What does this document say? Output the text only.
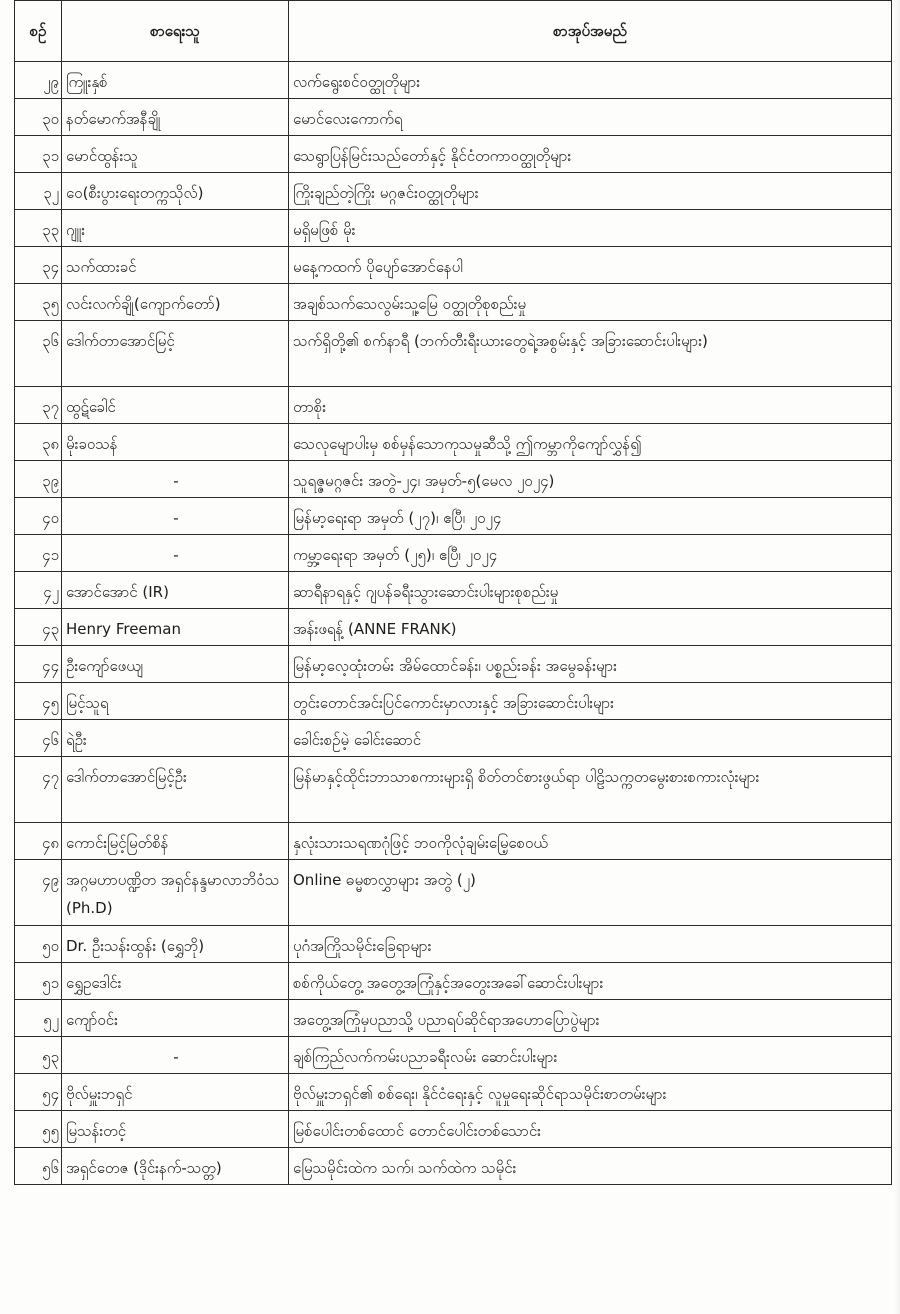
စဉ်	စာရေးသူ	စာအုပ်အမည်
၂၉	ကြူးနှစ်	လက်ရွေးစင်ဝတ္ထုတိုများ
၃၀	နတ်မောက်အနီချို	မောင်လေးကောက်ရ
၃၁	မောင်ထွန်းသူ	သေရွာပြန်မြင်းသည်တော်နှင့် နိုင်ငံတကာဝတ္ထုတိုများ
၃၂	ဝေ(စီးပွားရေးတက္ကသိုလ်)	ကြိုးချည်တဲ့ကြိုး မဂ္ဂဇင်းဝတ္ထုတိုများ
၃၃	ဂျူး	မရှိမဖြစ် မိုး
၃၄	သက်ထားခင်	မနေ့ကထက် ပိုပျော်အောင်နေပါ
၃၅	လင်းလက်ချို(ကျောက်တော်)	အချစ်သက်သေလွမ်းသူ့မြေ ဝတ္ထုတိုစုစည်းမှု
၃၆	ဒေါက်တာအောင်မြင့်	သက်ရှိတို့၏ စက်နာရီ (ဘက်တီးရီးယားတွေရဲ့အစွမ်းနှင့် အခြားဆောင်းပါးများ)
၃၇	ထွဋ်ခေါင်	တာစိုး
၃၈	မိုးခဝသန်	သေလုမျောပါးမှ စစ်မှန်သောကုသမှုဆီသို့ ဤကမ္ဘာကိုကျော်လွှန်၍
၃၉	-	သူရဇ္ဇမဂ္ဂဇင်း အတွဲ-၂၄၊ အမှတ်-၅(မေလ ၂၀၂၄)
၄၀	-	မြန်မာ့ရေးရာ အမှတ် (၂၇)၊ ဧပြီ၊ ၂၀၂၄
၄၁	-	ကမ္ဘာ့ရေးရာ အမှတ် (၂၅)၊ ဧပြီ၊ ၂၀၂၄
၄၂	အောင်အောင် (IR)	ဆာရီနာရနှင့် ဂျပန်ခရီးသွားဆောင်းပါးများစုစည်းမှု
၄၃	Henry Freeman	အန်းဖရန့် (ANNE FRANK)
၄၄	ဦးကျော်ဖေယျ	မြန်မာ့လေ့ထုံးတမ်း အိမ်ထောင်ခန်း၊ ပစ္စည်းခန်း အမွေခန်းများ
၄၅	မြင့်သူရ	တွင်းတောင်အင်းပြင်ကောင်းမှာလားနှင့် အခြားဆောင်းပါးများ
၄၆	ရဲဦး	ခေါင်းစဉ်မဲ့ ခေါင်းဆောင်
၄၇	ဒေါက်တာအောင်မြင့်ဦး	မြန်မာနှင့်ထိုင်းဘာသာစကားများရှိ စိတ်တင်စားဖွယ်ရာ ပါဠိသက္ကတမွေးစားစကားလုံးများ
၄၈	ကောင်းမြင့်မြတ်စိန်	နှလုံးသားသရဏဂုံဖြင့် ဘဝကိုလုံချမ်းမြေ့စေဝယ်
၄၉	အဂ္ဂမဟာပဏ္ဍိတ အရှင်နန္ဒမာလာဘိဝံသ (Ph.D)	Online ဓမ္မစာလွှာများ အတွဲ (၂)
၅၀	Dr. ဦးသန်းထွန်း (ရွှေဘို)	ပုဂံအကြိုသမိုင်းခြေရာများ
၅၁	ရွှေဥဒေါင်း	စစ်ကိုယ်တွေ့ အတွေ့အကြုံနှင့်အတွေးအခေါ်ဆောင်းပါးများ
၅၂	ကျော်ဝင်း	အတွေ့အကြုံမှပညာသို့ ပညာရပ်ဆိုင်ရာအဟောပြောပွဲများ
၅၃	-	ချစ်ကြည်လက်ကမ်းပညာခရီးလမ်း ဆောင်းပါးများ
၅၄	ဗိုလ်မှူးဘရှင်	ဗိုလ်မှူးဘရှင်၏ စစ်ရေး၊ နိုင်ငံရေးနှင့် လူမှုရေးဆိုင်ရာသမိုင်းစာတမ်းများ
၅၅	မြသန်းတင့်	မြစ်ပေါင်းတစ်ထောင် တောင်ပေါင်းတစ်သောင်း
၅၆	အရှင်တေဇ (ဒိုင်းနက်-သတ္တ)	မြေသမိုင်းထဲက သက်၊ သက်ထဲက သမိုင်း
